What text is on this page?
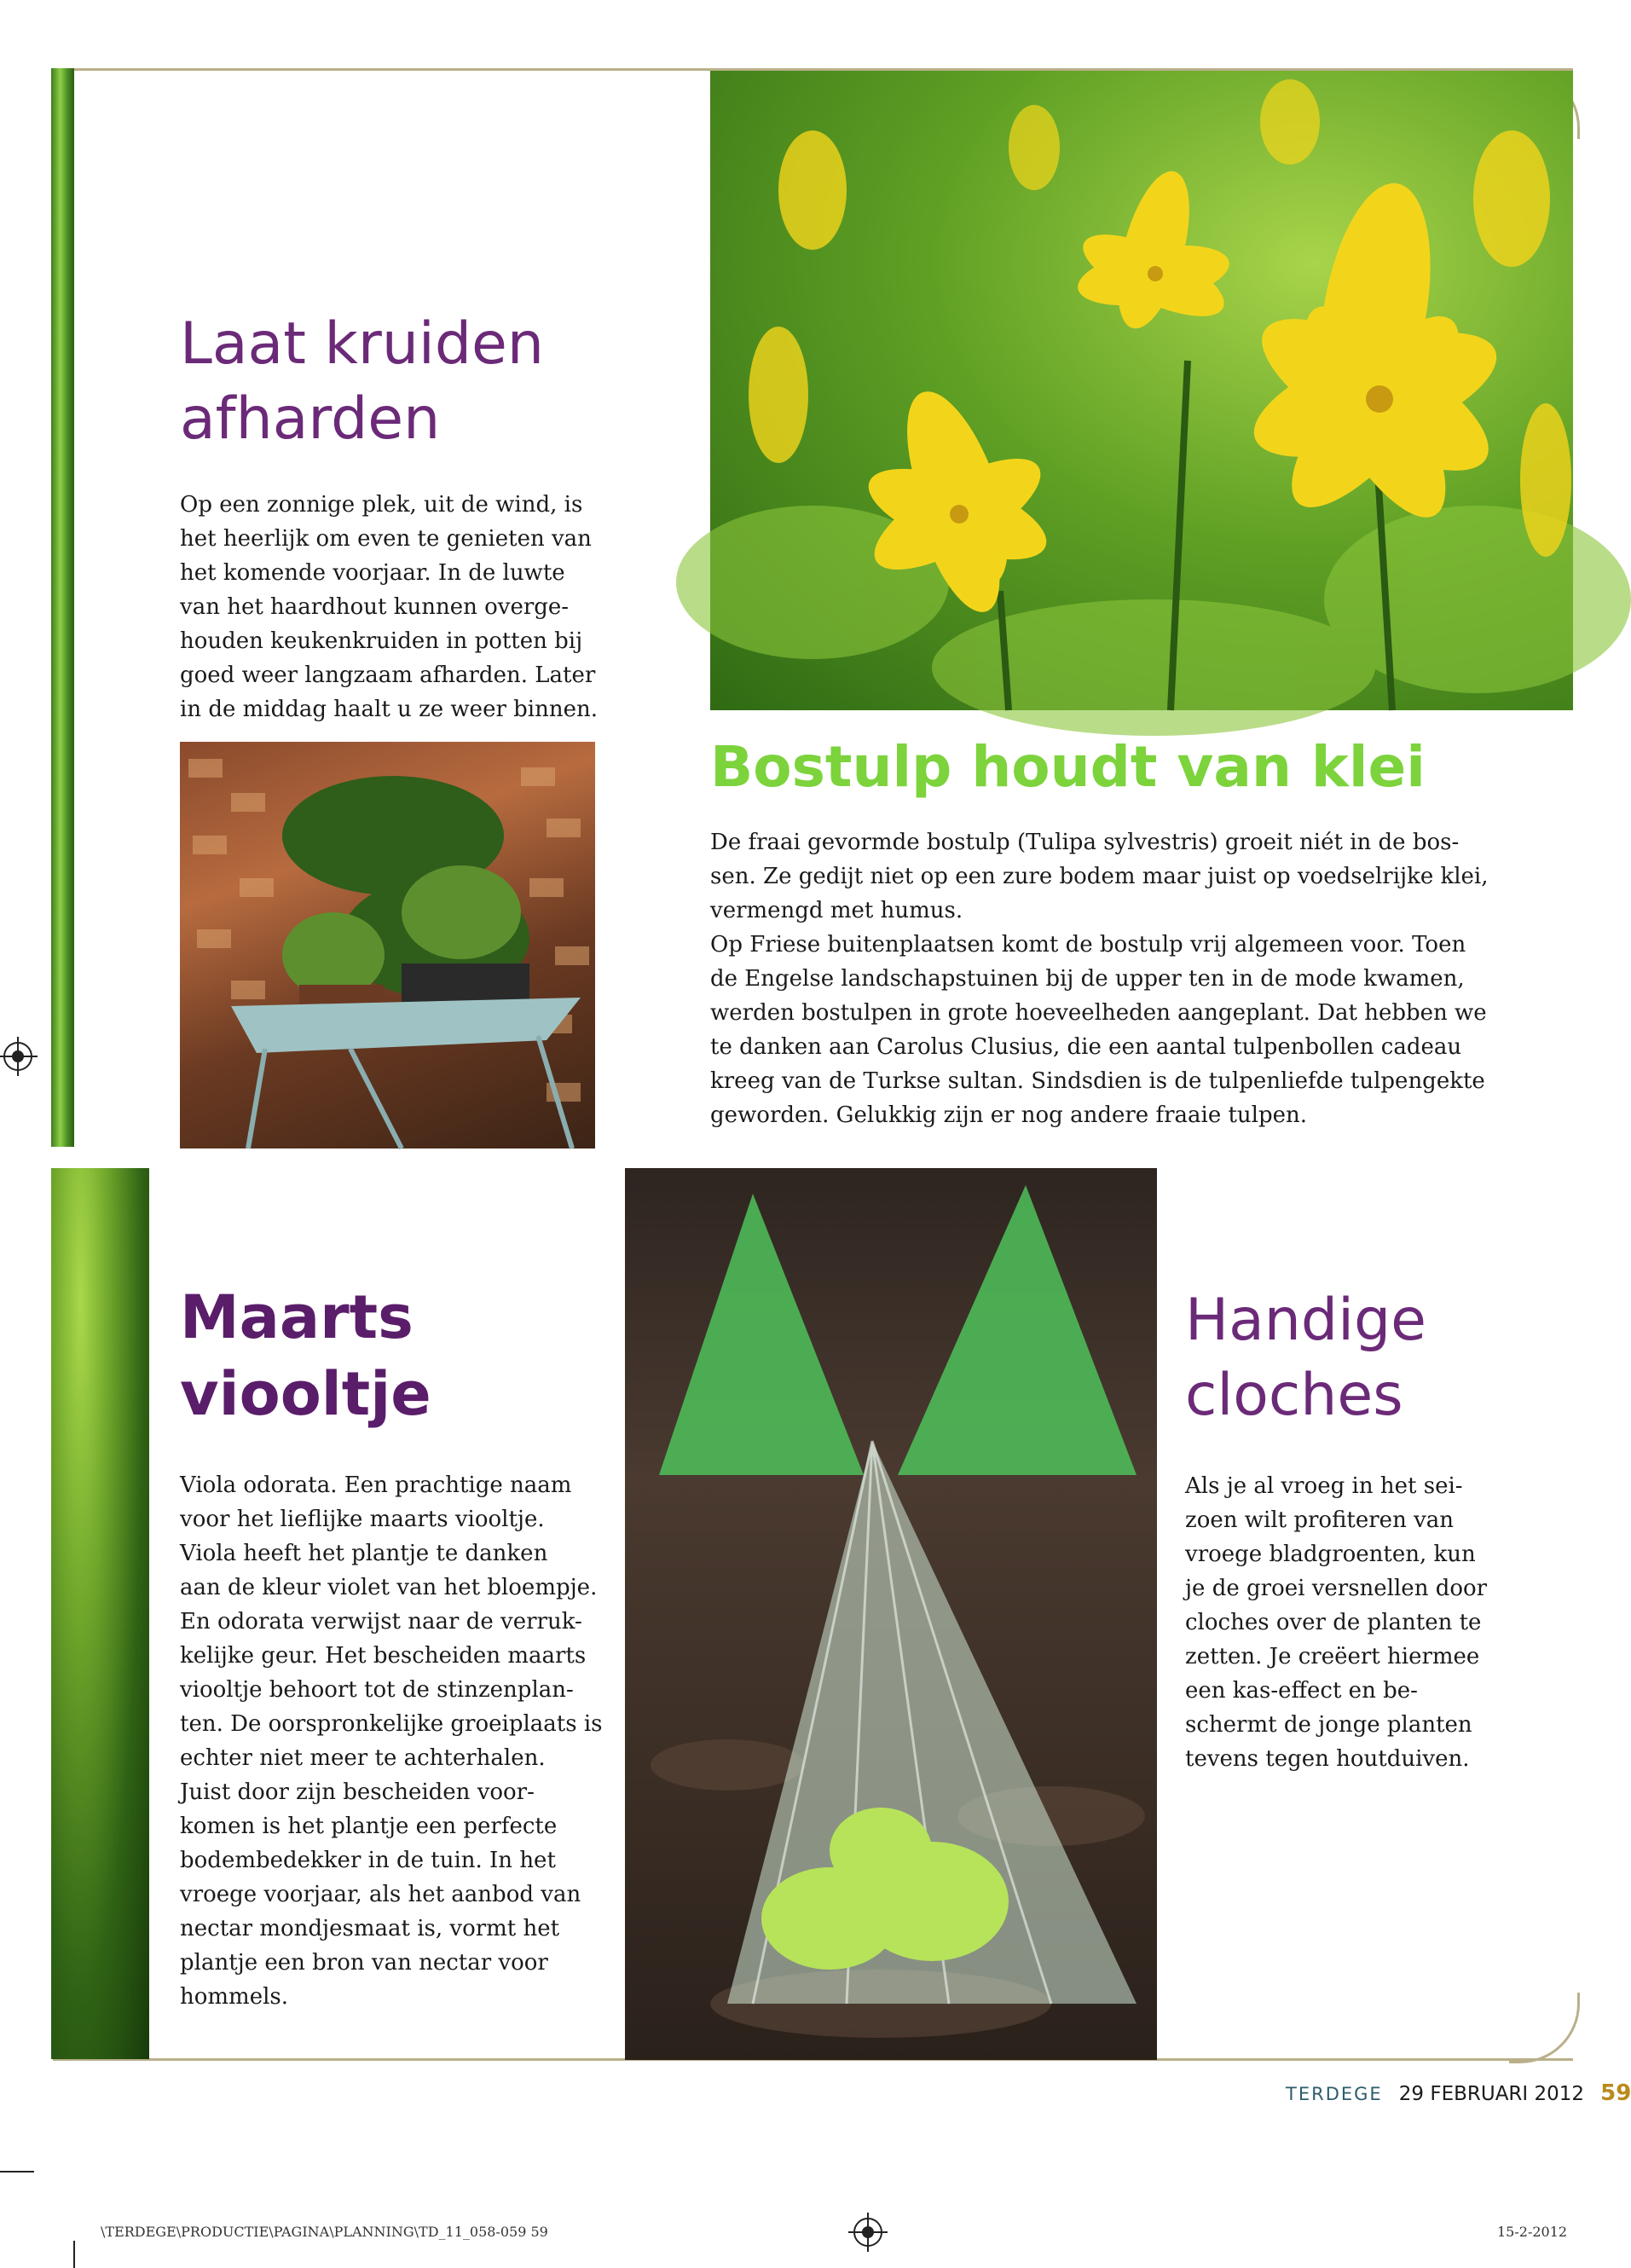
Laat kruiden
afharden

Op een zonnige plek, uit de wind, is
het heerlijk om even te genieten van
het komende voorjaar. In de luwte
van het haardhout kunnen overge-
houden keukenkruiden in potten bij
goed weer langzaam afharden. Later
in de middag haalt u ze weer binnen.

Bostulp houdt van klei

De fraai gevormde bostulp (Tulipa sylvestris) groeit niét in de bos-
sen. Ze gedijt niet op een zure bodem maar juist op voedselrijke klei,
vermengd met humus.
Op Friese buitenplaatsen komt de bostulp vrij algemeen voor. Toen
de Engelse landschapstuinen bij de upper ten in de mode kwamen,
werden bostulpen in grote hoeveelheden aangeplant. Dat hebben we
te danken aan Carolus Clusius, die een aantal tulpenbollen cadeau
kreeg van de Turkse sultan. Sindsdien is de tulpenliefde tulpengekte
geworden. Gelukkig zijn er nog andere fraaie tulpen.

Maarts
viooltje

Viola odorata. Een prachtige naam
voor het lieflijke maarts viooltje.
Viola heeft het plantje te danken
aan de kleur violet van het bloempje.
En odorata verwijst naar de verruk-
kelijke geur. Het bescheiden maarts
viooltje behoort tot de stinzenplan-
ten. De oorspronkelijke groeiplaats is
echter niet meer te achterhalen.
Juist door zijn bescheiden voor-
komen is het plantje een perfecte
bodembedekker in de tuin. In het
vroege voorjaar, als het aanbod van
nectar mondjesmaat is, vormt het
plantje een bron van nectar voor
hommels.

Handige
cloches

Als je al vroeg in het sei-
zoen wilt profiteren van
vroege bladgroenten, kun
je de groei versnellen door
cloches over de planten te
zetten. Je creëert hiermee
een kas-effect en be-
schermt de jonge planten
tevens tegen houtduiven.

TERDEGE 29 FEBRUARI 2012 59
\TERDEGE\PRODUCTIE\PAGINA\PLANNING\TD_11_058-059 59	15-2-2012
